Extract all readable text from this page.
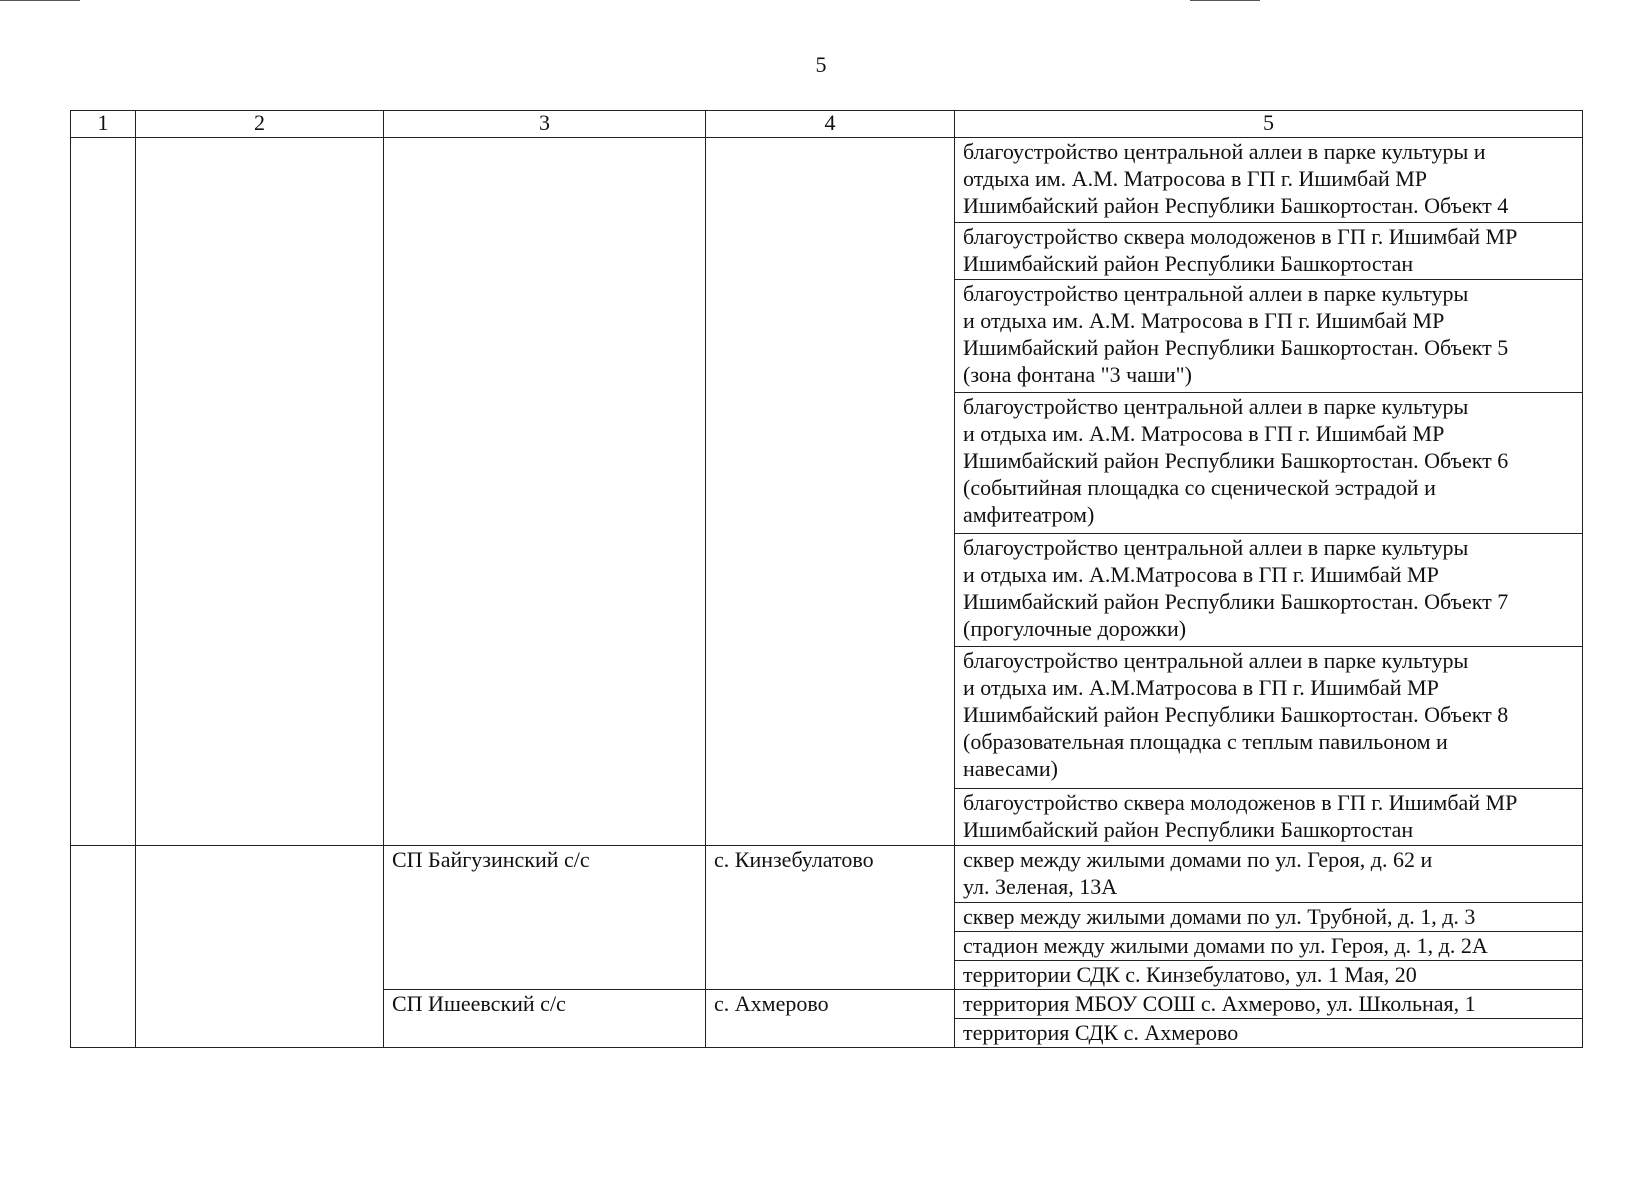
5
1	2	3	4	5
				благоустройство центральной аллеи в парке культуры и
отдыха им. А.М. Матросова в ГП г. Ишимбай МР
Ишимбайский район Республики Башкортостан. Объект 4
				благоустройство сквера молодоженов в ГП г. Ишимбай МР
Ишимбайский район Республики Башкортостан
				благоустройство центральной аллеи в парке культуры
и отдыха им. А.М. Матросова в ГП г. Ишимбай МР
Ишимбайский район Республики Башкортостан. Объект 5
(зона фонтана "3 чаши")
				благоустройство центральной аллеи в парке культуры
и отдыха им. А.М. Матросова в ГП г. Ишимбай МР
Ишимбайский район Республики Башкортостан. Объект 6
(событийная площадка со сценической эстрадой и
амфитеатром)
				благоустройство центральной аллеи в парке культуры
и отдыха им. А.М.Матросова в ГП г. Ишимбай МР
Ишимбайский район Республики Башкортостан. Объект 7
(прогулочные дорожки)
				благоустройство центральной аллеи в парке культуры
и отдыха им. А.М.Матросова в ГП г. Ишимбай МР
Ишимбайский район Республики Башкортостан. Объект 8
(образовательная площадка с теплым павильоном и
навесами)
				благоустройство сквера молодоженов в ГП г. Ишимбай МР
Ишимбайский район Республики Башкортостан
		СП Байгузинский с/с	с. Кинзебулатово	сквер между жилыми домами по ул. Героя, д. 62 и
ул. Зеленая, 13А
				сквер между жилыми домами по ул. Трубной, д. 1, д. 3
				стадион между жилыми домами по ул. Героя, д. 1, д. 2А
				территории СДК с. Кинзебулатово, ул. 1 Мая, 20
		СП Ишеевский с/с	с. Ахмерово	территория МБОУ СОШ с. Ахмерово, ул. Школьная, 1
				территория СДК с. Ахмерово
